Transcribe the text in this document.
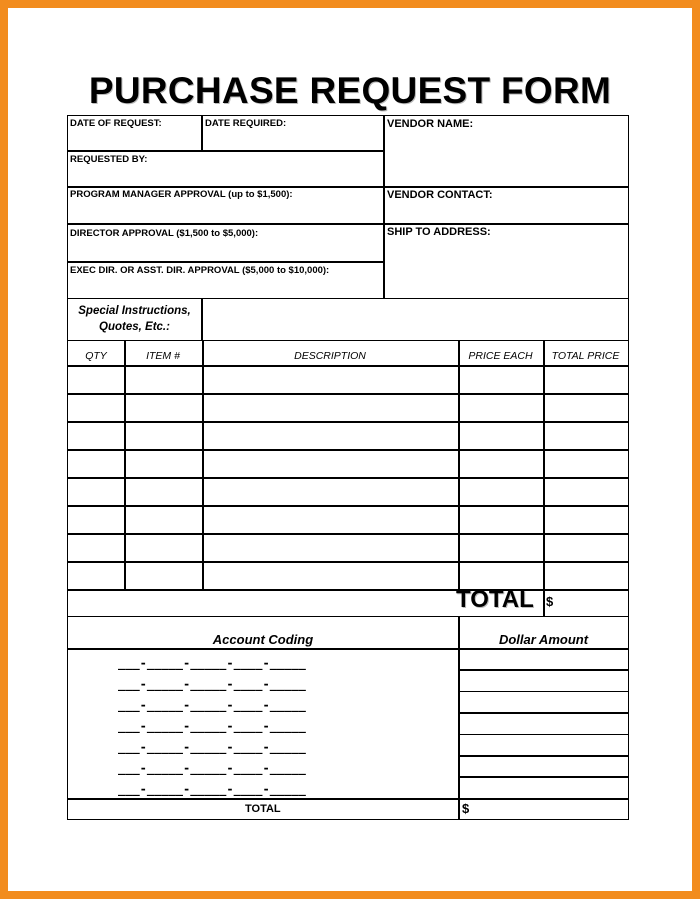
PURCHASE REQUEST FORM
DATE OF REQUEST:	DATE REQUIRED:	VENDOR NAME:
REQUESTED BY:
PROGRAM MANAGER APPROVAL (up to $1,500):	VENDOR CONTACT:
DIRECTOR APPROVAL ($1,500 to $5,000):	SHIP TO ADDRESS:
EXEC DIR. OR ASST. DIR. APPROVAL ($5,000 to $10,000):
Special Instructions,
Quotes, Etc.:
QTY	ITEM #	DESCRIPTION	PRICE EACH	TOTAL PRICE
TOTAL $
Account Coding	Dollar Amount
___-_____-_____-____-_____
___-_____-_____-____-_____
___-_____-_____-____-_____
___-_____-_____-____-_____
___-_____-_____-____-_____
___-_____-_____-____-_____
___-_____-_____-____-_____
TOTAL	$
